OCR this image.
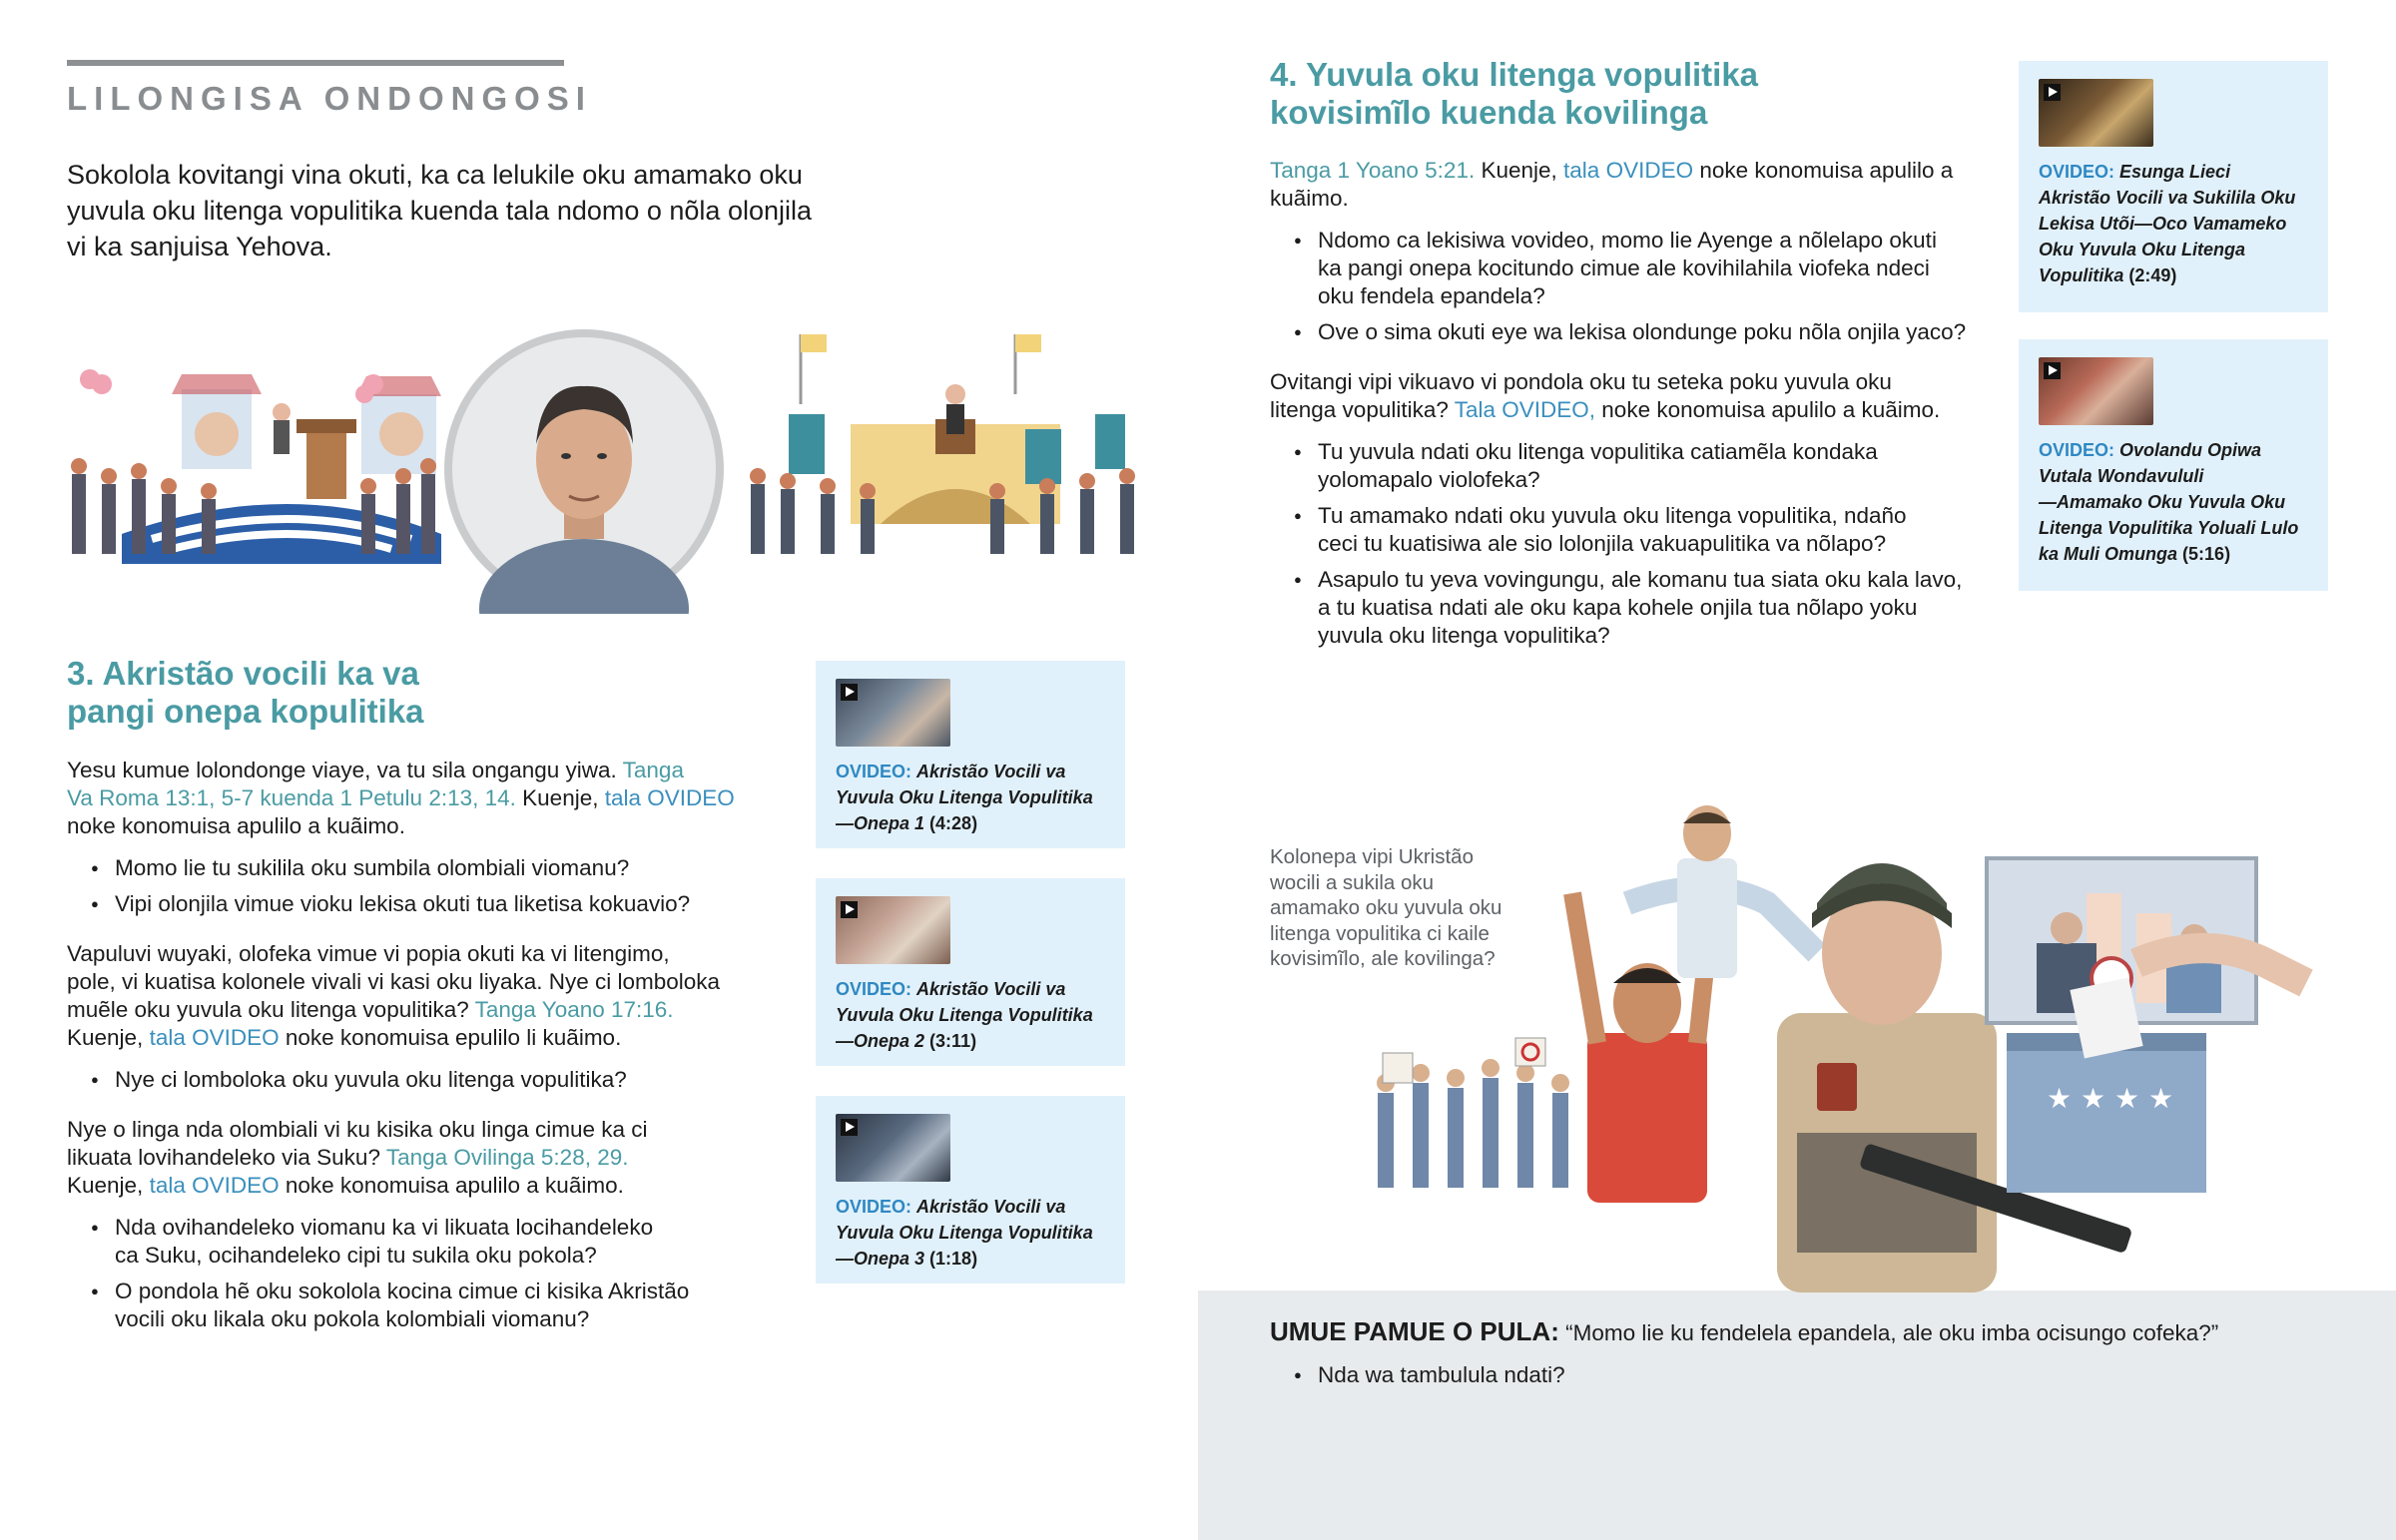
LILONGISA ONDONGOSI

Sokolola kovitangi vina okuti, ka ca lelukile oku amamako oku yuvula oku litenga vopulitika kuenda tala ndomo o nõla olonjila vi ka sanjuisa Yehova.

3. Akristão vocili ka va
pangi onepa kopulitika

Yesu kumue lolondonge viaye, va tu sila ongangu yiwa. Tanga
Va Roma 13:1, 5-7 kuenda 1 Petulu 2:13, 14. Kuenje, tala OVIDEO
noke konomuisa apulilo a kuãimo.

● Momo lie tu sukilila oku sumbila olombiali viomanu?
● Vipi olonjila vimue vioku lekisa okuti tua liketisa kokuavio?

Vapuluvi wuyaki, olofeka vimue vi popia okuti ka vi litengimo,
pole, vi kuatisa kolonele vivali vi kasi oku liyaka. Nye ci lomboloka
muẽle oku yuvula oku litenga vopulitika? Tanga Yoano 17:16.
Kuenje, tala OVIDEO noke konomuisa epulilo li kuãimo.

● Nye ci lomboloka oku yuvula oku litenga vopulitika?

Nye o linga nda olombiali vi ku kisika oku linga cimue ka ci
likuata lovihandeleko via Suku? Tanga Ovilinga 5:28, 29.
Kuenje, tala OVIDEO noke konomuisa apulilo a kuãimo.

● Nda ovihandeleko viomanu ka vi likuata locihandeleko
ca Suku, ocihandeleko cipi tu sukila oku pokola?
● O pondola hẽ oku sokolola kocina cimue ci kisika Akristão
vocili oku likala oku pokola kolombiali viomanu?
OVIDEO: Akristão Vocili va
Yuvula Oku Litenga Vopulitika
—Onepa 1 (4:28)
OVIDEO: Akristão Vocili va
Yuvula Oku Litenga Vopulitika
—Onepa 2 (3:11)
OVIDEO: Akristão Vocili va
Yuvula Oku Litenga Vopulitika
—Onepa 3 (1:18)
4. Yuvula oku litenga vopulitika
kovisimĩlo kuenda kovilinga

Tanga 1 Yoano 5:21. Kuenje, tala OVIDEO noke konomuisa apulilo a
kuãimo.

● Ndomo ca lekisiwa vovideo, momo lie Ayenge a nõlelapo okuti
ka pangi onepa kocitundo cimue ale kovihilahila viofeka ndeci
oku fendela epandela?
● Ove o sima okuti eye wa lekisa olondunge poku nõla onjila yaco?

Ovitangi vipi vikuavo vi pondola oku tu seteka poku yuvula oku
litenga vopulitika? Tala OVIDEO, noke konomuisa apulilo a kuãimo.

● Tu yuvula ndati oku litenga vopulitika catiamẽla kondaka
yolomapalo violofeka?
● Tu amamako ndati oku yuvula oku litenga vopulitika, ndaño
ceci tu kuatisiwa ale sio lolonjila vakuapulitika va nõlapo?
● Asapulo tu yeva vovingungu, ale komanu tua siata oku kala lavo,
a tu kuatisa ndati ale oku kapa kohele onjila tua nõlapo yoku
yuvula oku litenga vopulitika?
OVIDEO: Esunga Lieci
Akristão Vocili va Sukilila Oku
Lekisa Utõi—Oco Vamameko
Oku Yuvula Oku Litenga
Vopulitika (2:49)
OVIDEO: Ovolandu Opiwa
Vutala Wondavululi
—Amamako Oku Yuvula Oku
Litenga Vopulitika Yoluali Lulo
ka Muli Omunga (5:16)
Kolonepa vipi Ukristão
wocili a sukila oku
amamako oku yuvula oku
litenga vopulitika ci kaile
kovisimĩlo, ale kovilinga?
★ ★ ★ ★

UMUE PAMUE O PULA: “Momo lie ku fendelela epandela, ale oku imba ocisungo cofeka?”

● Nda wa tambulula ndati?
